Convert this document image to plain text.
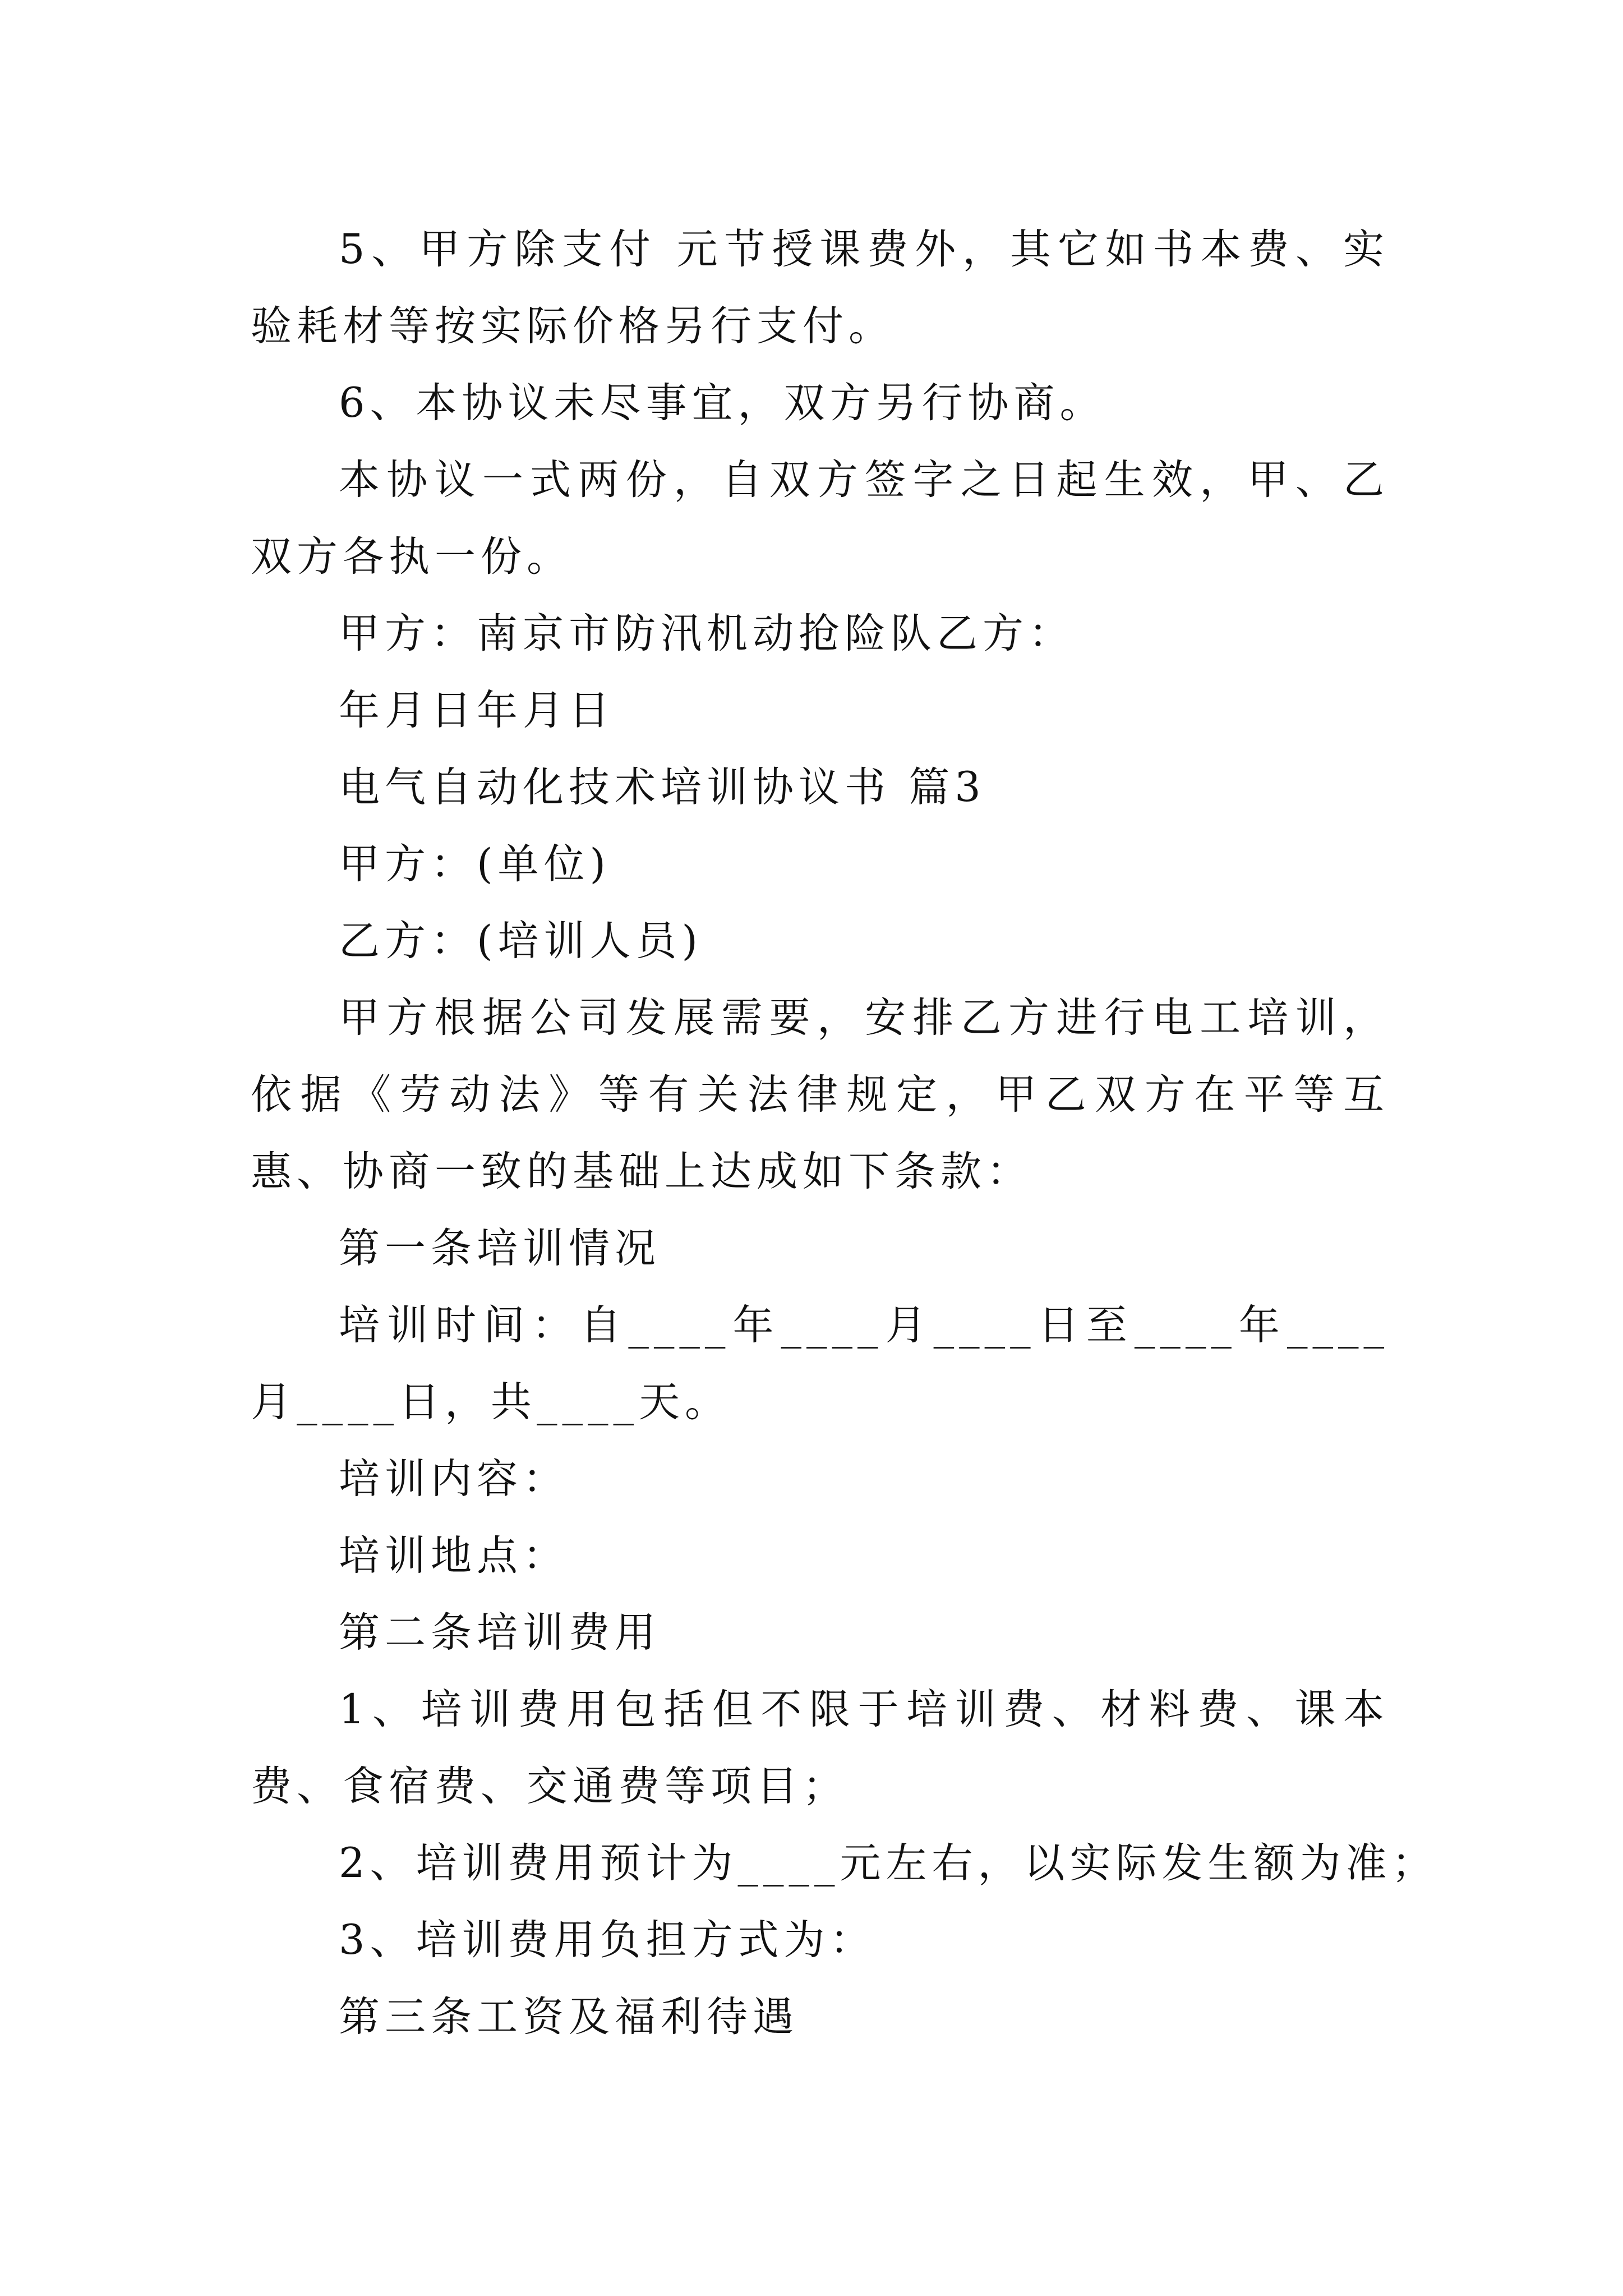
5、甲方除支付 元节授课费外，其它如书本费、实验耗材等按实际价格另行支付。

6、本协议未尽事宜，双方另行协商。

本协议一式两份，自双方签字之日起生效，甲、乙双方各执一份。

甲方：南京市防汛机动抢险队乙方：

年月日年月日

电气自动化技术培训协议书 篇3

甲方：(单位)

乙方：(培训人员)

甲方根据公司发展需要，安排乙方进行电工培训，依据《劳动法》等有关法律规定，甲乙双方在平等互惠、协商一致的基础上达成如下条款：

第一条培训情况

培训时间：自____年____月____日至____年____月____日，共____天。

培训内容：

培训地点：

第二条培训费用

1、培训费用包括但不限于培训费、材料费、课本费、食宿费、交通费等项目；

2、培训费用预计为____元左右，以实际发生额为准；

3、培训费用负担方式为：

第三条工资及福利待遇
